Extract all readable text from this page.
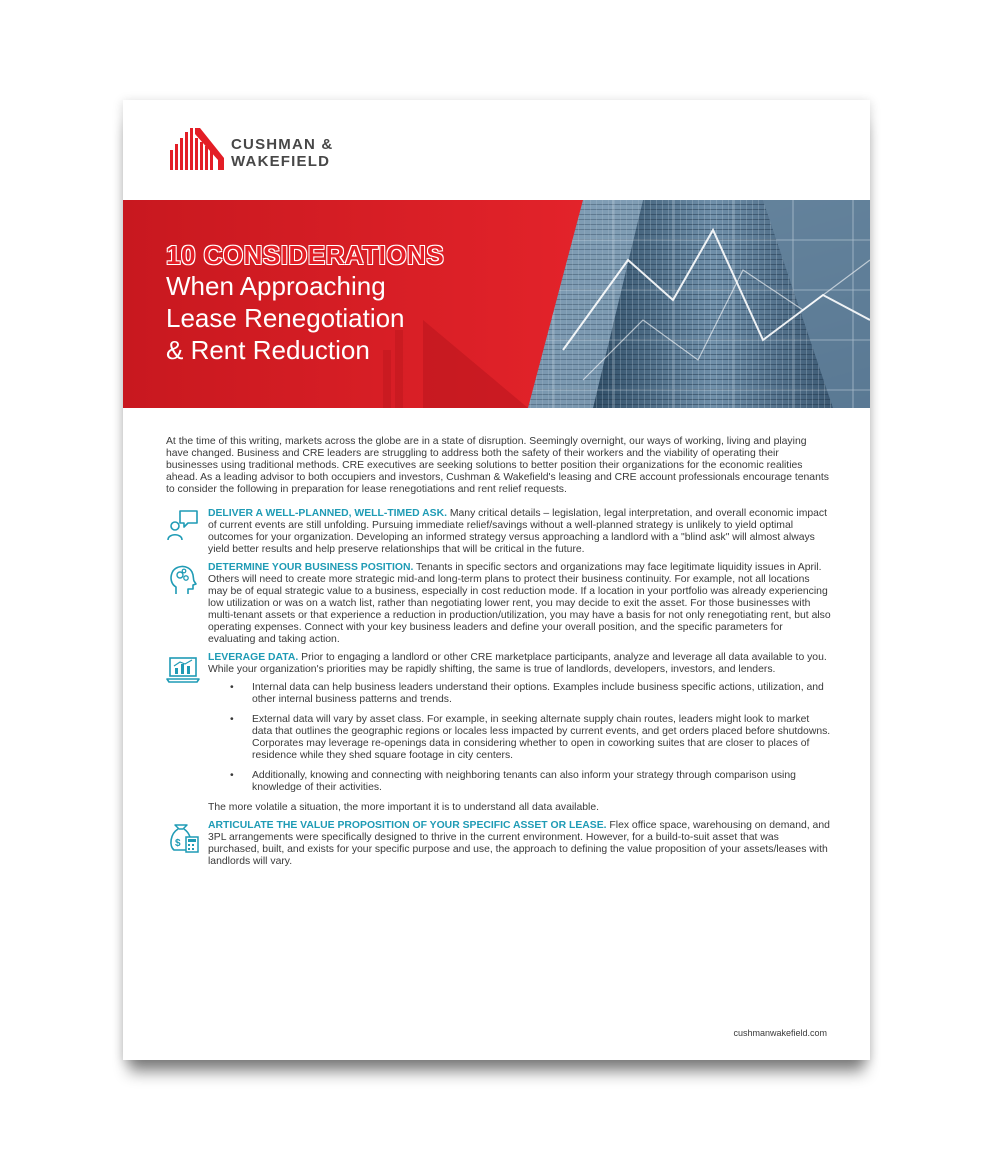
CUSHMAN &
WAKEFIELD
10 CONSIDERATIONS
When Approaching
Lease Renegotiation
& Rent Reduction

At the time of this writing, markets across the globe are in a state of disruption. Seemingly overnight, our ways of working, living and playing have changed. Business and CRE leaders are struggling to address both the safety of their workers and the viability of operating their businesses using traditional methods. CRE executives are seeking solutions to better position their organizations for the economic realities ahead. As a leading advisor to both occupiers and investors, Cushman & Wakefield's leasing and CRE account professionals encourage tenants to consider the following in preparation for lease renegotiations and rent relief requests.

DELIVER A WELL-PLANNED, WELL-TIMED ASK. Many critical details – legislation, legal interpretation, and overall economic impact of current events are still unfolding. Pursuing immediate relief/savings without a well-planned strategy is unlikely to yield optimal outcomes for your organization. Developing an informed strategy versus approaching a landlord with a "blind ask" will almost always yield better results and help preserve relationships that will be critical in the future.

DETERMINE YOUR BUSINESS POSITION. Tenants in specific sectors and organizations may face legitimate liquidity issues in April. Others will need to create more strategic mid-and long-term plans to protect their business continuity. For example, not all locations may be of equal strategic value to a business, especially in cost reduction mode. If a location in your portfolio was already experiencing low utilization or was on a watch list, rather than negotiating lower rent, you may decide to exit the asset. For those businesses with multi-tenant assets or that experience a reduction in production/utilization, you may have a basis for not only renegotiating rent, but also operating expenses. Connect with your key business leaders and define your overall position, and the specific parameters for evaluating and taking action.

LEVERAGE DATA. Prior to engaging a landlord or other CRE marketplace participants, analyze and leverage all data available to you. While your organization's priorities may be rapidly shifting, the same is true of landlords, developers, investors, and lenders.

• Internal data can help business leaders understand their options. Examples include business specific actions, utilization, and other internal business patterns and trends.
• External data will vary by asset class. For example, in seeking alternate supply chain routes, leaders might look to market data that outlines the geographic regions or locales less impacted by current events, and get orders placed before shutdowns. Corporates may leverage re-openings data in considering whether to open in coworking suites that are closer to places of residence while they shed square footage in city centers.
• Additionally, knowing and connecting with neighboring tenants can also inform your strategy through comparison using knowledge of their activities.

The more volatile a situation, the more important it is to understand all data available.

$

ARTICULATE THE VALUE PROPOSITION OF YOUR SPECIFIC ASSET OR LEASE. Flex office space, warehousing on demand, and 3PL arrangements were specifically designed to thrive in the current environment. However, for a build-to-suit asset that was purchased, built, and exists for your specific purpose and use, the approach to defining the value proposition of your assets/leases with landlords will vary.

cushmanwakefield.com
